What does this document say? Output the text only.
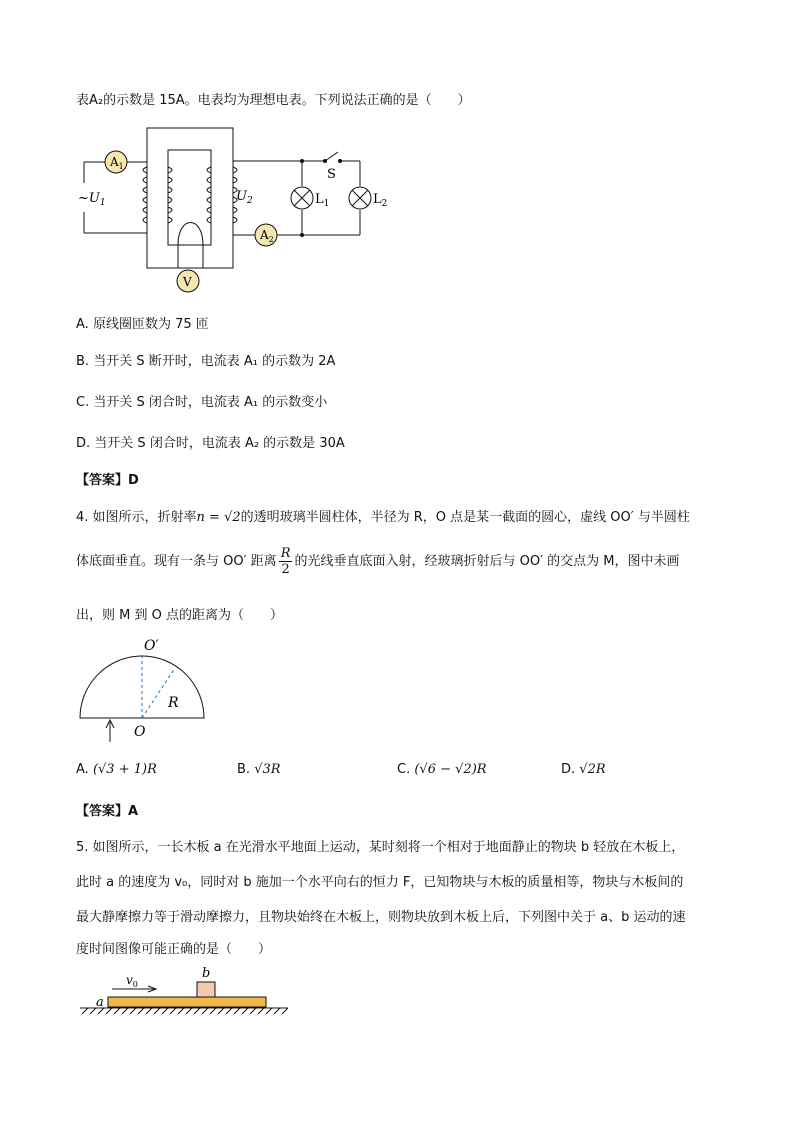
表A₂的示数是 15A。电表均为理想电表。下列说法正确的是（　　）
$A_1$
$\sim U_1$	$U_2$
S
$L_1$	$L_2$
$A_2$
V
A. 原线圈匝数为 75 匝
B. 当开关 S 断开时，电流表 A₁ 的示数为 2A
C. 当开关 S 闭合时，电流表 A₁ 的示数变小
D. 当开关 S 闭合时，电流表 A₂ 的示数是 30A
【答案】D
4. 如图所示，折射率n = √2的透明玻璃半圆柱体，半径为 R，O 点是某一截面的圆心，虚线 OO′ 与半圆柱
体底面垂直。现有一条与 OO′ 距离 $\frac{R}{2}$ 的光线垂直底面入射，经玻璃折射后与 OO′ 的交点为 M，图中未画
出，则 M 到 O 点的距离为（　　）
O′
R
O
A. (√3 + 1)R	B. √3R	C. (√6 − √2)R	D. √2R
【答案】A
5. 如图所示，一长木板 a 在光滑水平地面上运动，某时刻将一个相对于地面静止的物块 b 轻放在木板上，
此时 a 的速度为 v₀，同时对 b 施加一个水平向右的恒力 F，已知物块与木板的质量相等，物块与木板间的
最大静摩擦力等于滑动摩擦力，且物块始终在木板上，则物块放到木板上后，下列图中关于 a、b 运动的速
度时间图像可能正确的是（　　）
b
$v_0$
a
